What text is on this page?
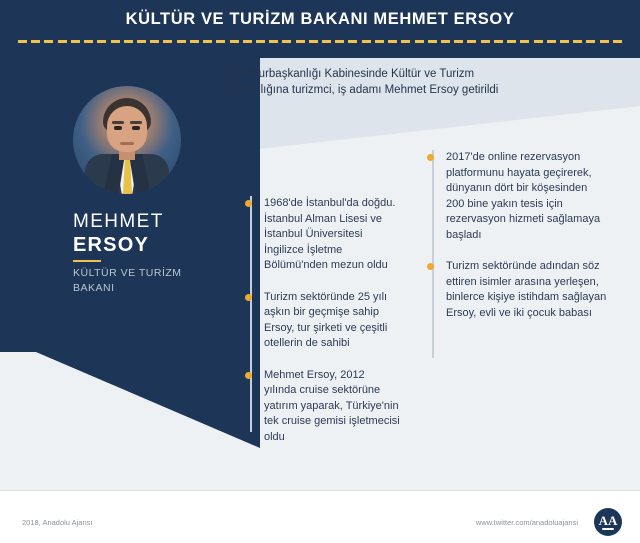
KÜLTÜR VE TURİZM BAKANI MEHMET ERSOY
Cumhurbaşkanlığı Kabinesinde Kültür ve Turizm Bakanlığına turizmci, iş adamı Mehmet Ersoy getirildi
MEHMET
ERSOY
KÜLTÜR VE TURİZM BAKANI
1968'de İstanbul'da doğdu. İstanbul Alman Lisesi ve İstanbul Üniversitesi İngilizce İşletme Bölümü'nden mezun oldu
Turizm sektöründe 25 yılı aşkın bir geçmişe sahip Ersoy, tur şirketi ve çeşitli otellerin de sahibi
Mehmet Ersoy, 2012 yılında cruise sektörüne yatırım yaparak, Türkiye'nin tek cruise gemisi işletmecisi oldu
2017'de online rezervasyon platformunu hayata geçirerek, dünyanın dört bir köşesinden 200 bine yakın tesis için rezervasyon hizmeti sağlamaya başladı
Turizm sektöründe adından söz ettiren isimler arasına yerleşen, binlerce kişiye istihdam sağlayan Ersoy, evli ve iki çocuk babası
2018, Anadolu Ajansı	www.twitter.com/anadoluajansi	AA
